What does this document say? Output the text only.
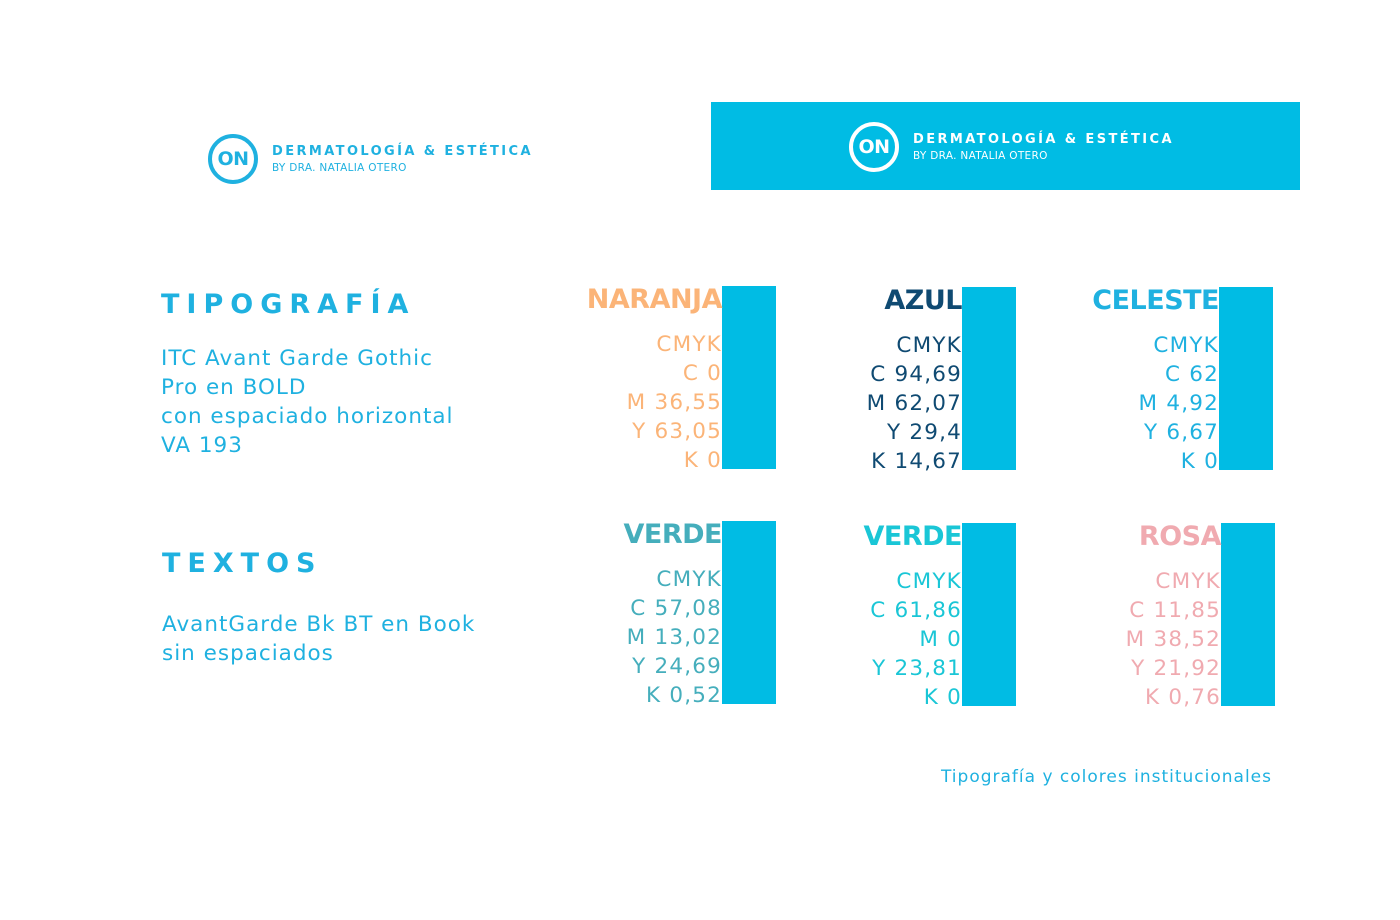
ON	DERMATOLOGÍA & ESTÉTICA
BY DRA. NATALIA OTERO
ON	DERMATOLOGÍA & ESTÉTICA
BY DRA. NATALIA OTERO
TIPOGRAFÍA
ITC Avant Garde Gothic
Pro en BOLD
con espaciado horizontal
VA 193
TEXTOS
AvantGarde Bk BT en Book
sin espaciados
NARANJA
CMYK
C 0
M 36,55
Y 63,05
K 0
AZUL
CMYK
C 94,69
M 62,07
Y 29,4
K 14,67
CELESTE
CMYK
C 62
M 4,92
Y 6,67
K 0
VERDE
CMYK
C 57,08
M 13,02
Y 24,69
K 0,52
VERDE
CMYK
C 61,86
M 0
Y 23,81
K 0
ROSA
CMYK
C 11,85
M 38,52
Y 21,92
K 0,76
Tipografía y colores institucionales
